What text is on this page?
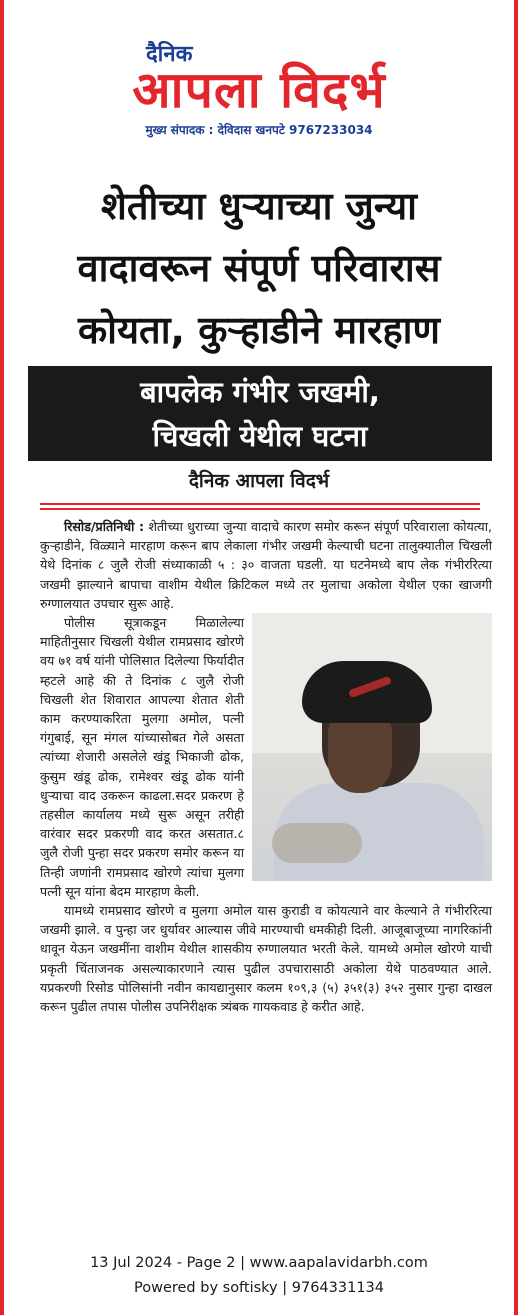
दैनिक
आपला विदर्भ
मुख्य संपादक : देविदास खनपटे 9767233034
शेतीच्या धुऱ्याच्या जुन्या
वादावरून संपूर्ण परिवारास
कोयता, कुऱ्हाडीने मारहाण
बापलेक गंभीर जखमी,
चिखली येथील घटना
दैनिक आपला विदर्भ

रिसोड/प्रतिनिधी : शेतीच्या धुराच्या जुन्या वादाचे कारण समोर करून संपूर्ण परिवाराला कोयत्या, कुऱ्हाडीने, विळ्याने मारहाण करून बाप लेकाला गंभीर जखमी केल्याची घटना तालुक्यातील चिखली येथे दिनांक ८ जुलै रोजी संध्याकाळी ५ : ३० वाजता घडली. या घटनेमध्ये बाप लेक गंभीररित्या जखमी झाल्याने बापाचा वाशीम येथील क्रिटिकल मध्ये तर मुलाचा अकोला येथील एका खाजगी रुग्णालयात उपचार सुरू आहे.

पोलीस सूत्राकडून मिळालेल्या माहितीनुसार चिखली येथील रामप्रसाद खोरणे वय ७१ वर्ष यांनी पोलिसात दिलेल्या फिर्यादीत म्हटले आहे की ते दिनांक ८ जुलै रोजी चिखली शेत शिवारात आपल्या शेतात शेती काम करण्याकरिता मुलगा अमोल, पत्नी गंगुबाई, सून मंगल यांच्यासोबत गेले असता त्यांच्या शेजारी असलेले खंडू भिकाजी ढोक, कुसुम खंडू ढोक, रामेश्वर खंडू ढोक यांनी धुऱ्याचा वाद उकरून काढला.सदर प्रकरण हे तहसील कार्यालय मध्ये सुरू असून तरीही वारंवार सदर प्रकरणी वाद करत असतात.८ जुलै रोजी पुन्हा सदर प्रकरण समोर करून या तिन्ही जणांनी रामप्रसाद खोरणे त्यांचा मुलगा पत्नी सून यांना बेदम मारहाण केली.

यामध्ये रामप्रसाद खोरणे व मुलगा अमोल यास कुराडी व कोयत्याने वार केल्याने ते गंभीररित्या जखमी झाले. व पुन्हा जर धुर्यावर आल्यास जीवे मारण्याची धमकीही दिली. आजूबाजूच्या नागरिकांनी धावून येऊन जखमींना वाशीम येथील शासकीय रुग्णालयात भरती केले. यामध्ये अमोल खोरणे याची प्रकृती चिंताजनक असल्याकारणाने त्यास पुढील उपचारासाठी अकोला येथे पाठवण्यात आले. यप्रकरणी रिसोड पोलिसांनी नवीन कायद्यानुसार कलम १०९,३ (५) ३५१(३) ३५२ नुसार गुन्हा दाखल करून पुढील तपास पोलीस उपनिरीक्षक त्र्यंबक गायकवाड हे करीत आहे.

13 Jul 2024 - Page 2 | www.aapalavidarbh.com
Powered by softisky | 9764331134
